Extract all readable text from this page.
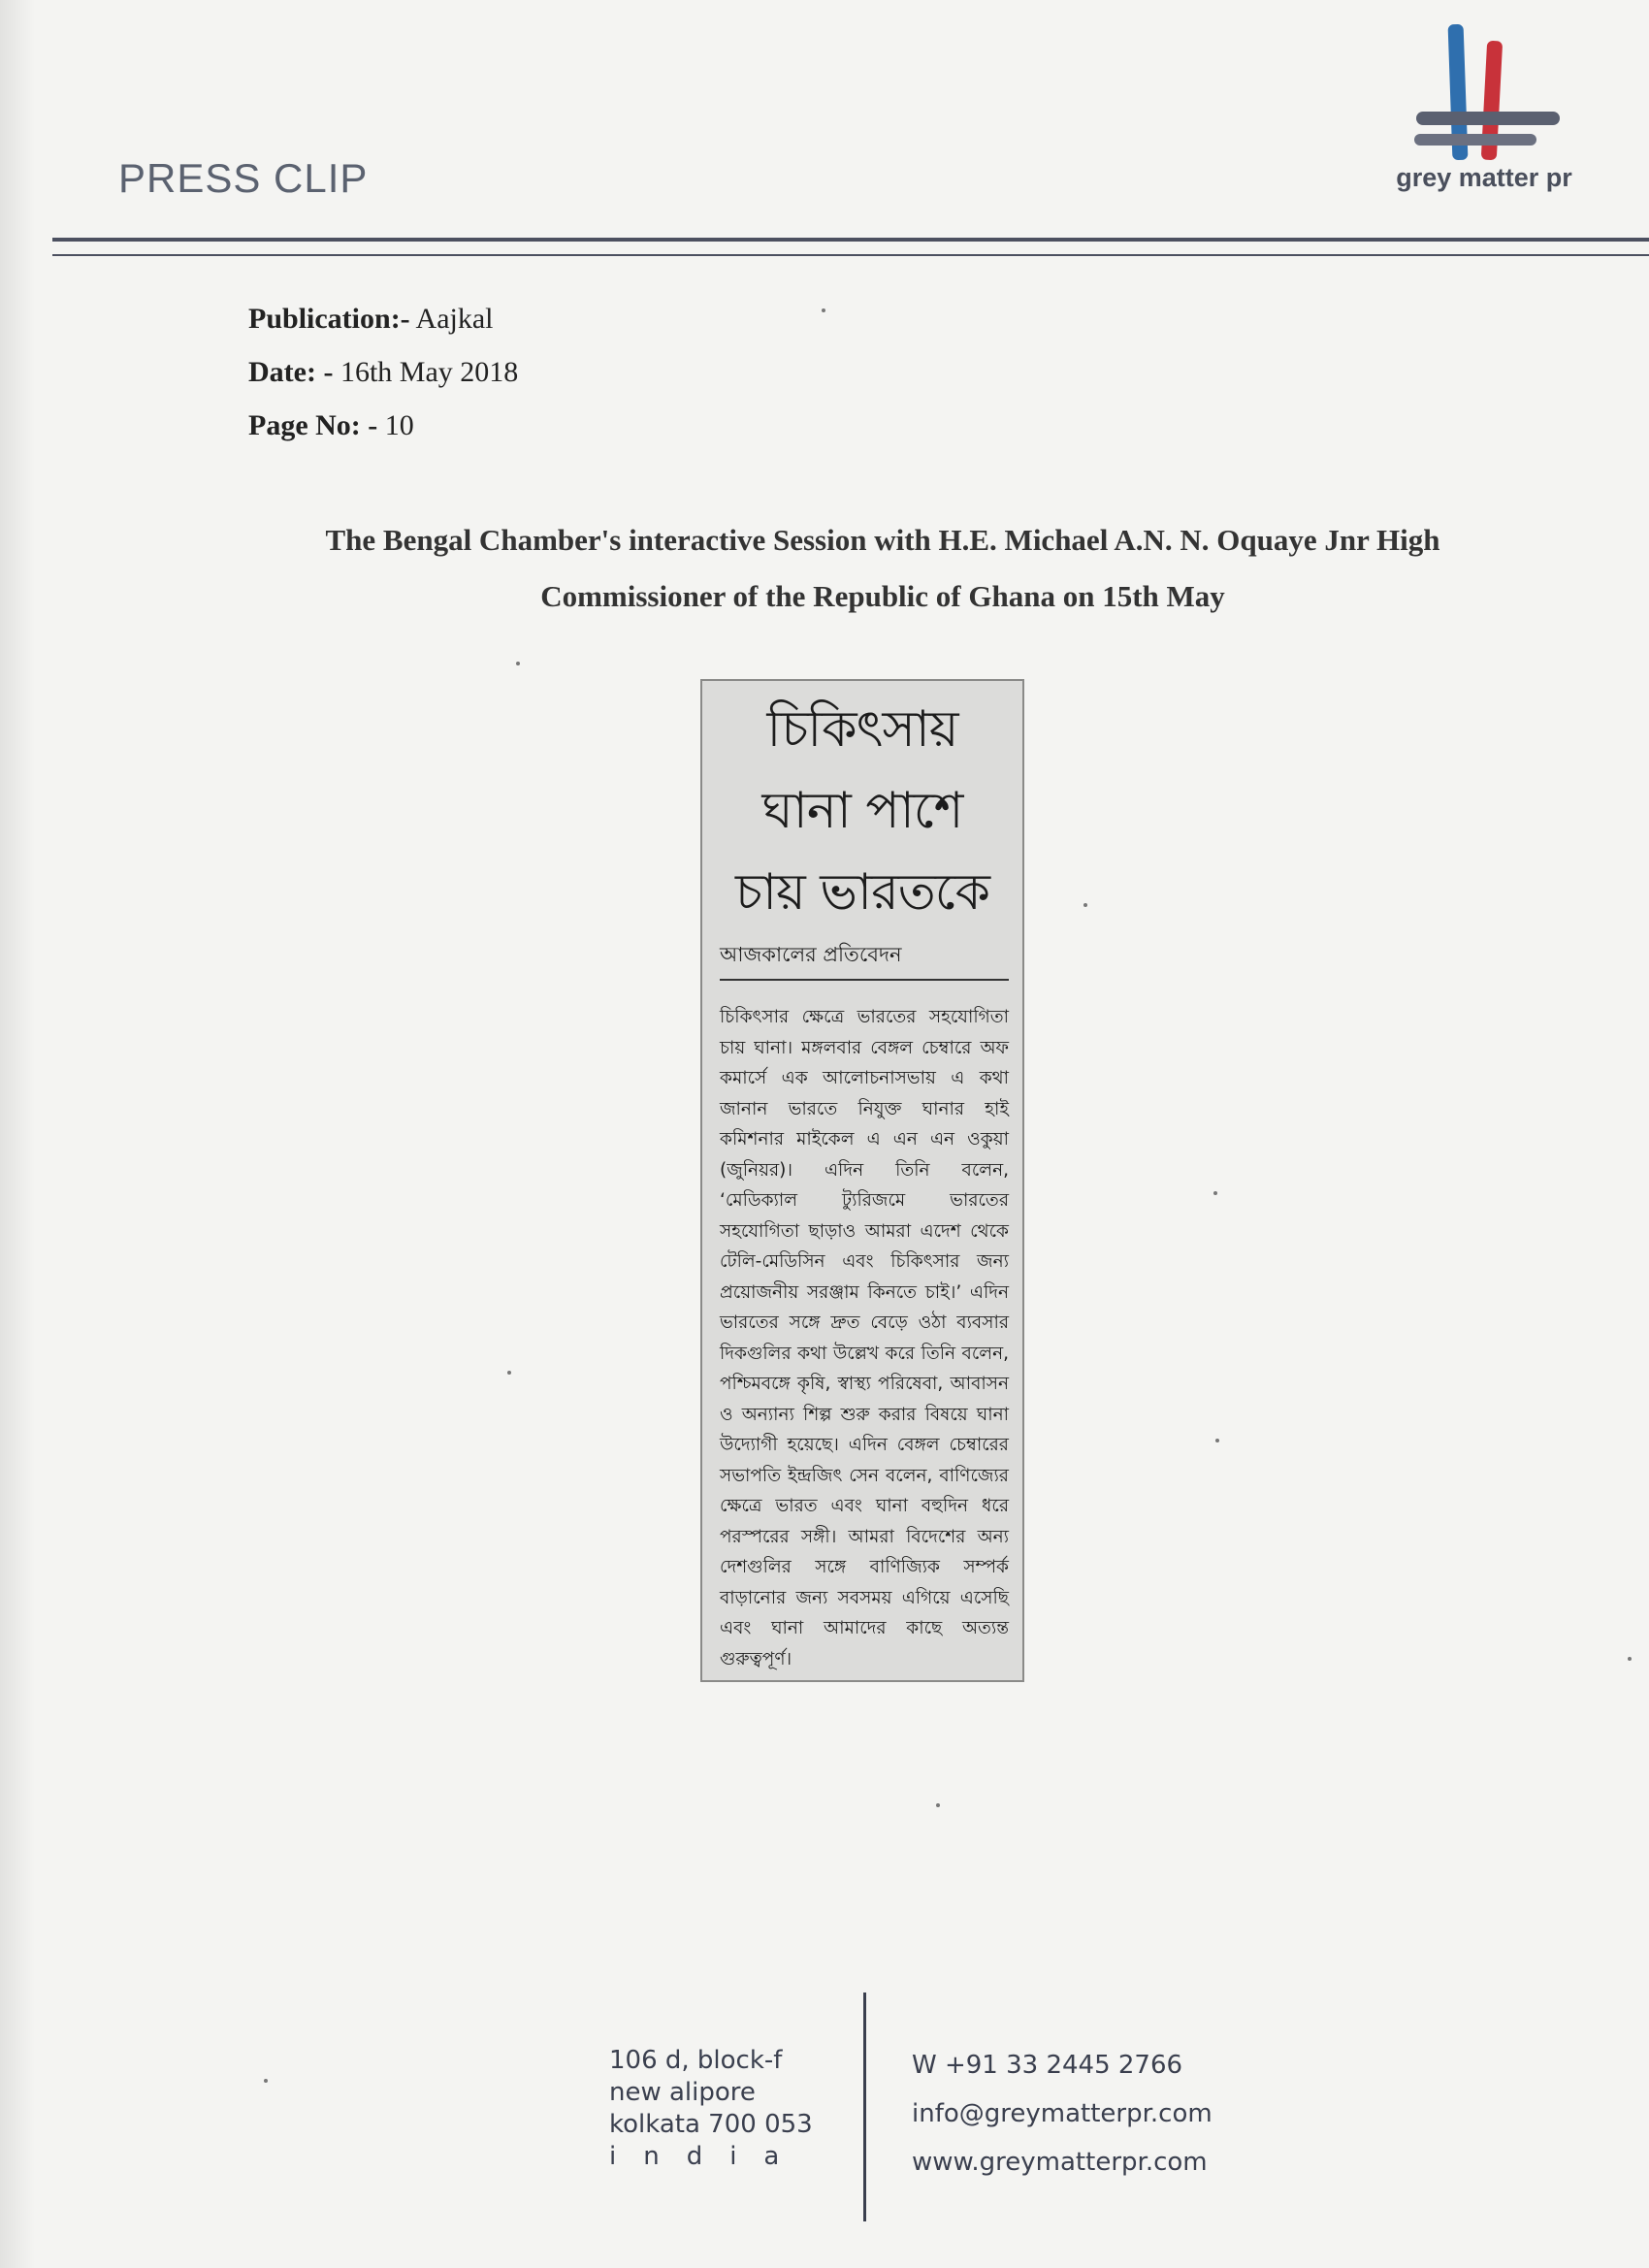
PRESS CLIP	grey matter pr
Publication:- Aajkal
Date: - 16th May 2018
Page No: - 10
The Bengal Chamber's interactive Session with H.E. Michael A.N. N. Oquaye Jnr High
Commissioner of the Republic of Ghana on 15th May
চিকিৎসায়
ঘানা পাশে
চায় ভারতকে
আজকালের প্রতিবেদন
চিকিৎসার ক্ষেত্রে ভারতের সহযোগিতা চায় ঘানা। মঙ্গলবার বেঙ্গল চেম্বারে অফ কমার্সে এক আলোচনাসভায় এ কথা জানান ভারতে নিযুক্ত ঘানার হাই কমিশনার মাইকেল এ এন এন ওকুয়া (জুনিয়র)। এদিন তিনি বলেন, ‘মেডিক্যাল ট্যুরিজমে ভারতের সহযোগিতা ছাড়াও আমরা এদেশ থেকে টেলি-মেডিসিন এবং চিকিৎসার জন্য প্রয়োজনীয় সরঞ্জাম কিনতে চাই।’ এদিন ভারতের সঙ্গে দ্রুত বেড়ে ওঠা ব্যবসার দিকগুলির কথা উল্লেখ করে তিনি বলেন, পশ্চিমবঙ্গে কৃষি, স্বাস্থ্য পরিষেবা, আবাসন ও অন্যান্য শিল্প শুরু করার বিষয়ে ঘানা উদ্যোগী হয়েছে। এদিন বেঙ্গল চেম্বারের সভাপতি ইন্দ্রজিৎ সেন বলেন, বাণিজ্যের ক্ষেত্রে ভারত এবং ঘানা বহুদিন ধরে পরস্পরের সঙ্গী। আমরা বিদেশের অন্য দেশগুলির সঙ্গে বাণিজ্যিক সম্পর্ক বাড়ানোর জন্য সবসময় এগিয়ে এসেছি এবং ঘানা আমাদের কাছে অত্যন্ত গুরুত্বপূর্ণ।
106 d, block-f
new alipore
kolkata 700 053
india
W +91 33 2445 2766
info@greymatterpr.com
www.greymatterpr.com
